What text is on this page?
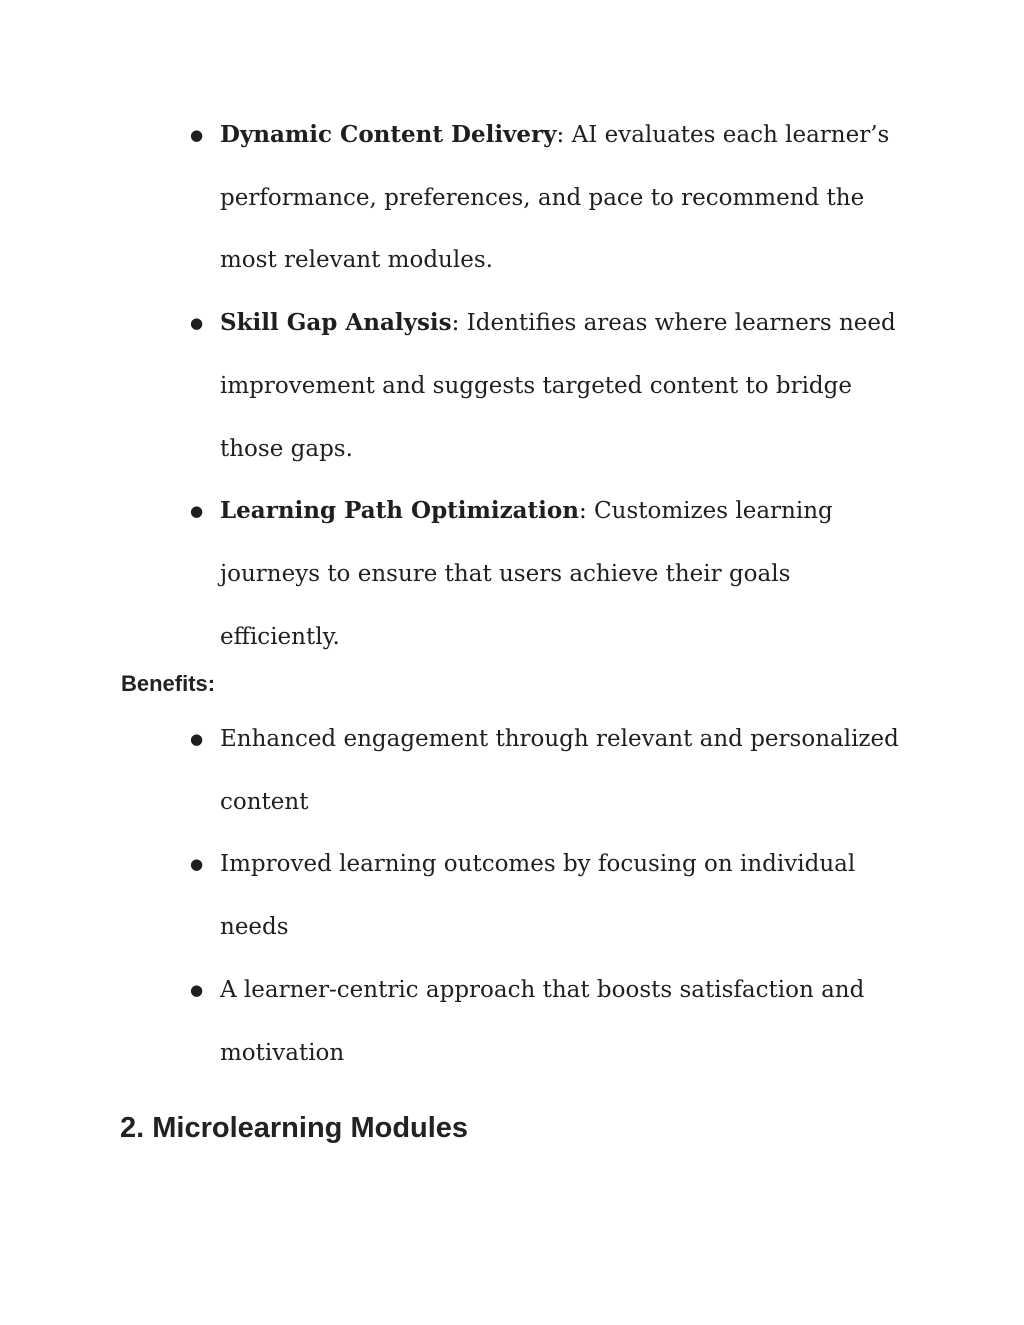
● Dynamic Content Delivery: AI evaluates each learner’s performance, preferences, and pace to recommend the most relevant modules.
● Skill Gap Analysis: Identifies areas where learners need improvement and suggests targeted content to bridge those gaps.
● Learning Path Optimization: Customizes learning journeys to ensure that users achieve their goals efficiently.
Benefits:
● Enhanced engagement through relevant and personalized content
● Improved learning outcomes by focusing on individual needs
● A learner-centric approach that boosts satisfaction and motivation
2. Microlearning Modules
